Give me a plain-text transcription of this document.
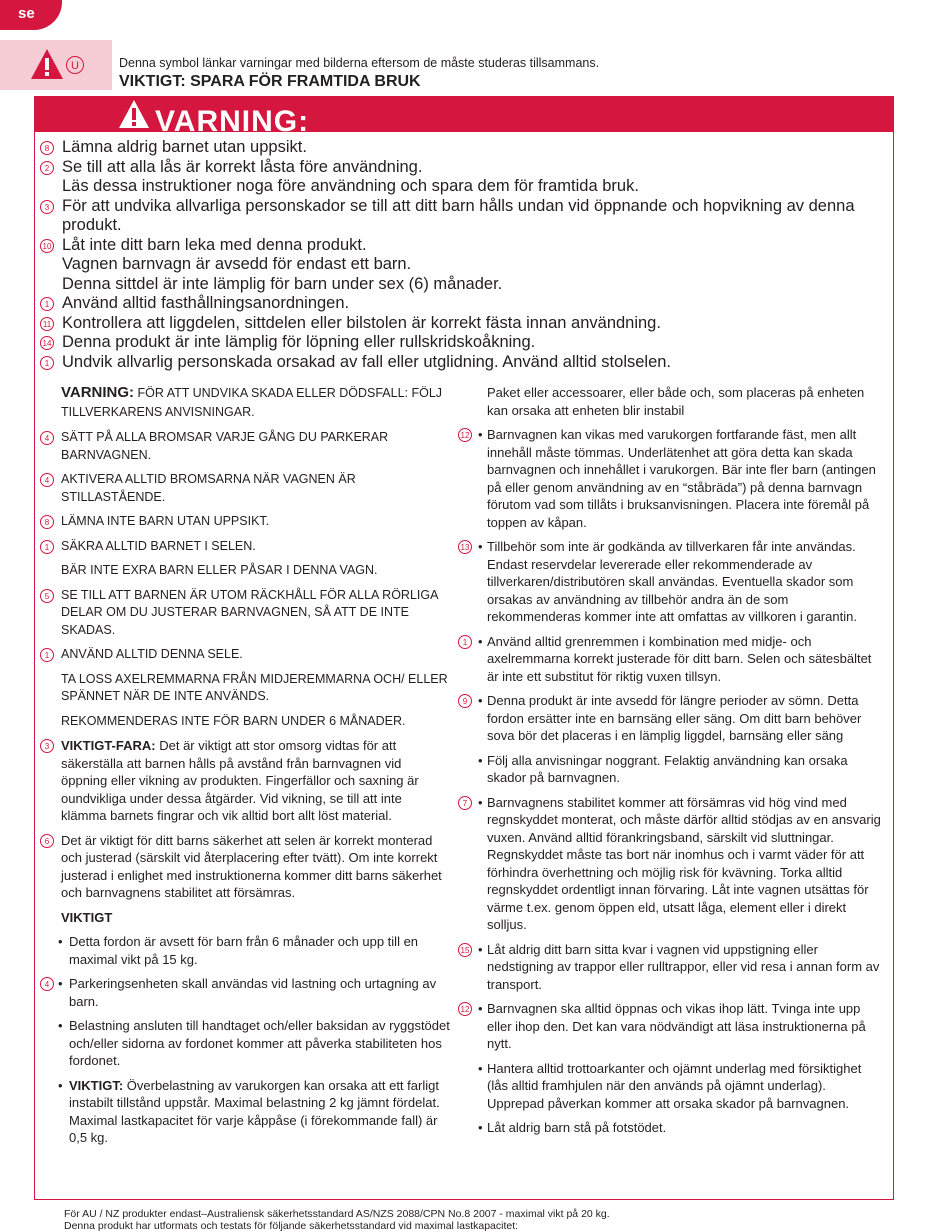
se
U	Denna symbol länkar varningar med bilderna eftersom de måste studeras tillsammans.
VIKTIGT: SPARA FÖR FRAMTIDA BRUK
VARNING:
8 Lämna aldrig barnet utan uppsikt.
2 Se till att alla lås är korrekt låsta före användning.
Läs dessa instruktioner noga före användning och spara dem för framtida bruk.
3 För att undvika allvarliga personskador se till att ditt barn hålls undan vid öppnande och hopvikning av denna produkt.
10 Låt inte ditt barn leka med denna produkt.
Vagnen barnvagn är avsedd för endast ett barn.
Denna sittdel är inte lämplig för barn under sex (6) månader.
1 Använd alltid fasthållningsanordningen.
11 Kontrollera att liggdelen, sittdelen eller bilstolen är korrekt fästa innan användning.
14 Denna produkt är inte lämplig för löpning eller rullskridskoåkning.
1 Undvik allvarlig personskada orsakad av fall eller utglidning. Använd alltid stolselen.
VARNING: FÖR ATT UNDVIKA SKADA ELLER DÖDSFALL: FÖLJ TILLVERKARENS ANVISNINGAR.
4 SÄTT PÅ ALLA BROMSAR VARJE GÅNG DU PARKERAR BARNVAGNEN.
4 AKTIVERA ALLTID BROMSARNA NÄR VAGNEN ÄR STILLASTÅENDE.
8 LÄMNA INTE BARN UTAN UPPSIKT.
1 SÄKRA ALLTID BARNET I SELEN.
BÄR INTE EXRA BARN ELLER PÅSAR I DENNA VAGN.
5 SE TILL ATT BARNEN ÄR UTOM RÄCKHÅLL FÖR ALLA RÖRLIGA DELAR OM DU JUSTERAR BARNVAGNEN, SÅ ATT DE INTE SKADAS.
1 ANVÄND ALLTID DENNA SELE.
TA LOSS AXELREMMARNA FRÅN MIDJEREMMARNA OCH/ ELLER SPÄNNET NÄR DE INTE ANVÄNDS.
REKOMMENDERAS INTE FÖR BARN UNDER 6 MÅNADER.
3 VIKTIGT-FARA: Det är viktigt att stor omsorg vidtas för att säkerställa att barnen hålls på avstånd från barnvagnen vid öppning eller vikning av produkten. Fingerfällor och saxning är oundvikliga under dessa åtgärder. Vid vikning, se till att inte klämma barnets fingrar och vik alltid bort allt löst material.
6 Det är viktigt för ditt barns säkerhet att selen är korrekt monterad och justerad (särskilt vid återplacering efter tvätt). Om inte korrekt justerad i enlighet med instruktionerna kommer ditt barns säkerhet och barnvagnens stabilitet att försämras.
VIKTIGT
• Detta fordon är avsett för barn från 6 månader och upp till en maximal vikt på 15 kg.
• 4	Parkeringsenheten skall användas vid lastning och urtagning av barn.
• Belastning ansluten till handtaget och/eller baksidan av ryggstödet och/eller sidorna av fordonet kommer att påverka stabiliteten hos fordonet.
• VIKTIGT: Överbelastning av varukorgen kan orsaka att ett farligt instabilt tillstånd uppstår. Maximal belastning 2 kg jämnt fördelat. Maximal lastkapacitet för varje kåppåse (i förekommande fall) är 0,5 kg.
Paket eller accessoarer, eller både och, som placeras på enheten kan orsaka att enheten blir instabil
12 • Barnvagnen kan vikas med varukorgen fortfarande fäst, men allt innehåll måste tömmas. Underlätenhet att göra detta kan skada barnvagnen och innehållet i varukorgen. Bär inte fler barn (antingen på eller genom användning av en “ståbräda”) på denna barnvagn förutom vad som tillåts i bruksanvisningen. Placera inte föremål på toppen av kåpan.
13 • Tillbehör som inte är godkända av tillverkaren får inte användas. Endast reservdelar levererade eller rekommenderade av tillverkaren/distributören skall användas. Eventuella skador som orsakas av användning av tillbehör andra än de som rekommenderas kommer inte att omfattas av villkoren i garantin.
1 • Använd alltid grenremmen i kombination med midje- och axelremmarna korrekt justerade för ditt barn. Selen och sätesbältet är inte ett substitut för riktig vuxen tillsyn.
9 • Denna produkt är inte avsedd för längre perioder av sömn. Detta fordon ersätter inte en barnsäng eller säng. Om ditt barn behöver sova bör det placeras i en lämplig liggdel, barnsäng eller säng
• Följ alla anvisningar noggrant. Felaktig användning kan orsaka skador på barnvagnen.
7 • Barnvagnens stabilitet kommer att försämras vid hög vind med regnskyddet monterat, och måste därför alltid stödjas av en ansvarig vuxen. Använd alltid förankringsband, särskilt vid sluttningar. Regnskyddet måste tas bort när inomhus och i varmt väder för att förhindra överhettning och möjlig risk för kvävning. Torka alltid regnskyddet ordentligt innan förvaring. Låt inte vagnen utsättas för värme t.ex. genom öppen eld, utsatt låga, element eller i direkt solljus.
15 • Låt aldrig ditt barn sitta kvar i vagnen vid uppstigning eller nedstigning av trappor eller rulltrappor, eller vid resa i annan form av transport.
12 • Barnvagnen ska alltid öppnas och vikas ihop lätt. Tvinga inte upp eller ihop den. Det kan vara nödvändigt att läsa instruktionerna på nytt.
• Hantera alltid trottoarkanter och ojämnt underlag med försiktighet (lås alltid framhjulen när den används på ojämnt underlag). Upprepad påverkan kommer att orsaka skador på barnvagnen.
• Låt aldrig barn stå på fotstödet.
För AU / NZ produkter endast–Australiensk säkerhetsstandard AS/NZS 2088/CPN No.8 2007 - maximal vikt på 20 kg.
Denna produkt har utformats och testats för följande säkerhetsstandard vid maximal lastkapacitet:
